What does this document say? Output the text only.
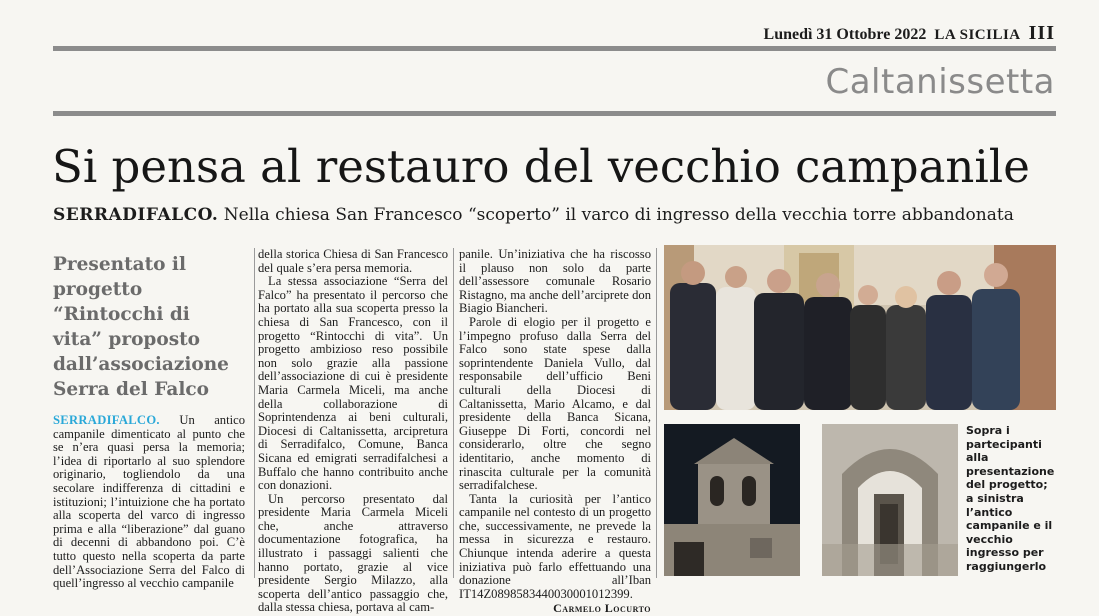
Lunedì 31 Ottobre 2022 LA SICILIA III
Caltanissetta
Si pensa al restauro del vecchio campanile
SERRADIFALCO. Nella chiesa San Francesco “scoperto” il varco di ingresso della vecchia torre abbandonata
Presentato il progetto “Rintocchi di vita” proposto dall’associazione Serra del Falco

SERRADIFALCO. Un antico campanile dimenticato al punto che se n’era quasi persa la memoria; l’idea di riportarlo al suo splendore originario, togliendolo da una secolare indifferenza di cittadini e istituzioni; l’intuizione che ha portato alla scoperta del varco di ingresso prima e alla “liberazione” dal guano di decenni di abbandono poi. C’è tutto questo nella scoperta da parte dell’Associazione Serra del Falco di quell’ingresso al vecchio campanile

della storica Chiesa di San Francesco del quale s’era persa memoria.

La stessa associazione “Serra del Falco” ha presentato il percorso che ha portato alla sua scoperta presso la chiesa di San Francesco, con il progetto “Rintocchi di vita”. Un progetto ambizioso reso possibile non solo grazie alla passione dell’associazione di cui è presidente Maria Carmela Miceli, ma anche della collaborazione di Soprintendenza ai beni culturali, Diocesi di Caltanissetta, arcipretura di Serradifalco, Comune, Banca Sicana ed emigrati serradifalchesi a Buffalo che hanno contribuito anche con donazioni.

Un percorso presentato dal presidente Maria Carmela Miceli che, anche attraverso documentazione fotografica, ha illustrato i passaggi salienti che hanno portato, grazie al vice presidente Sergio Milazzo, alla scoperta dell’antico passaggio che, dalla stessa chiesa, portava al cam-

panile. Un’iniziativa che ha riscosso il plauso non solo da parte dell’assessore comunale Rosario Ristagno, ma anche dell’arciprete don Biagio Biancheri.

Parole di elogio per il progetto e l’impegno profuso dalla Serra del Falco sono state spese dalla soprintendente Daniela Vullo, dal responsabile dell’ufficio Beni culturali della Diocesi di Caltanissetta, Mario Alcamo, e dal presidente della Banca Sicana, Giuseppe Di Forti, concordi nel considerarlo, oltre che segno identitario, anche momento di rinascita culturale per la comunità serradifalchese.

Tanta la curiosità per l’antico campanile nel contesto di un progetto che, successivamente, ne prevede la messa in sicurezza e restauro. Chiunque intenda aderire a questa iniziativa può farlo effettuando una donazione all’Iban IT14Z0898583440030001012399.

Carmelo Locurto
Sopra i partecipanti alla presentazione del progetto; a sinistra l’antico campanile e il vecchio ingresso per raggiungerlo
